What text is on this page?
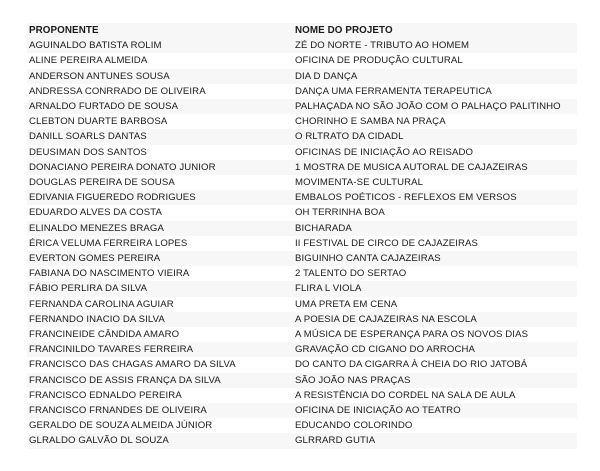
PROPONENTE	NOME DO PROJETO
AGUINALDO BATISTA ROLIM	ZÉ DO NORTE - TRIBUTO AO HOMEM
ALINE PEREIRA ALMEIDA	OFICINA DE PRODUÇÃO CULTURAL
ANDERSON ANTUNES SOUSA	DIA D DANÇA
ANDRESSA CONRRADO DE OLIVEIRA	DANÇA UMA FERRAMENTA TERAPEUTICA
ARNALDO FURTADO DE SOUSA	PALHAÇADA NO SÃO JOÃO COM O PALHAÇO PALITINHO
CLEBTON DUARTE BARBOSA	CHORINHO E SAMBA NA PRAÇA
DANILL SOARLS DANTAS	O RLTRATO DA CIDADL
DEUSIMAN DOS SANTOS	OFICINAS DE INICIAÇÃO AO REISADO
DONACIANO PEREIRA DONATO JUNIOR	1 MOSTRA DE MUSICA AUTORAL DE CAJAZEIRAS
DOUGLAS PEREIRA DE SOUSA	MOVIMENTA-SE CULTURAL
EDIVANIA FIGUEREDO RODRIGUES	EMBALOS POÉTICOS - REFLEXOS EM VERSOS
EDUARDO ALVES DA COSTA	OH TERRINHA BOA
ELINALDO MENEZES BRAGA	BICHARADA
ÉRICA VELUMA FERREIRA LOPES	II FESTIVAL DE CIRCO DE CAJAZEIRAS
EVERTON GOMES PEREIRA	BIGUINHO CANTA CAJAZEIRAS
FABIANA DO NASCIMENTO VIEIRA	2 TALENTO DO SERTAO
FÁBIO PERLIRA DA SILVA	FLIRA L VIOLA
FERNANDA CAROLINA AGUIAR	UMA PRETA EM CENA
FERNANDO INACIO DA SILVA	A POESIA DE CAJAZEIRAS NA ESCOLA
FRANCINEIDE CÂNDIDA AMARO	A MÚSICA DE ESPERANÇA PARA OS NOVOS DIAS
FRANCINILDO TAVARES FERREIRA	GRAVAÇÃO CD CIGANO DO ARROCHA
FRANCISCO DAS CHAGAS AMARO DA SILVA	DO CANTO DA CIGARRA À CHEIA DO RIO JATOBÁ
FRANCISCO DE ASSIS FRANÇA DA SILVA	SÃO JOÃO NAS PRAÇAS
FRANCISCO EDNALDO PEREIRA	A RESISTÊNCIA DO CORDEL NA SALA DE AULA
FRANCISCO FRNANDES DE OLIVEIRA	OFICINA DE INICIAÇÃO AO TEATRO
GERALDO DE SOUZA ALMEIDA JÚNIOR	EDUCANDO COLORINDO
GLRALDO GALVÃO DL SOUZA	GLRRARD GUTIA
